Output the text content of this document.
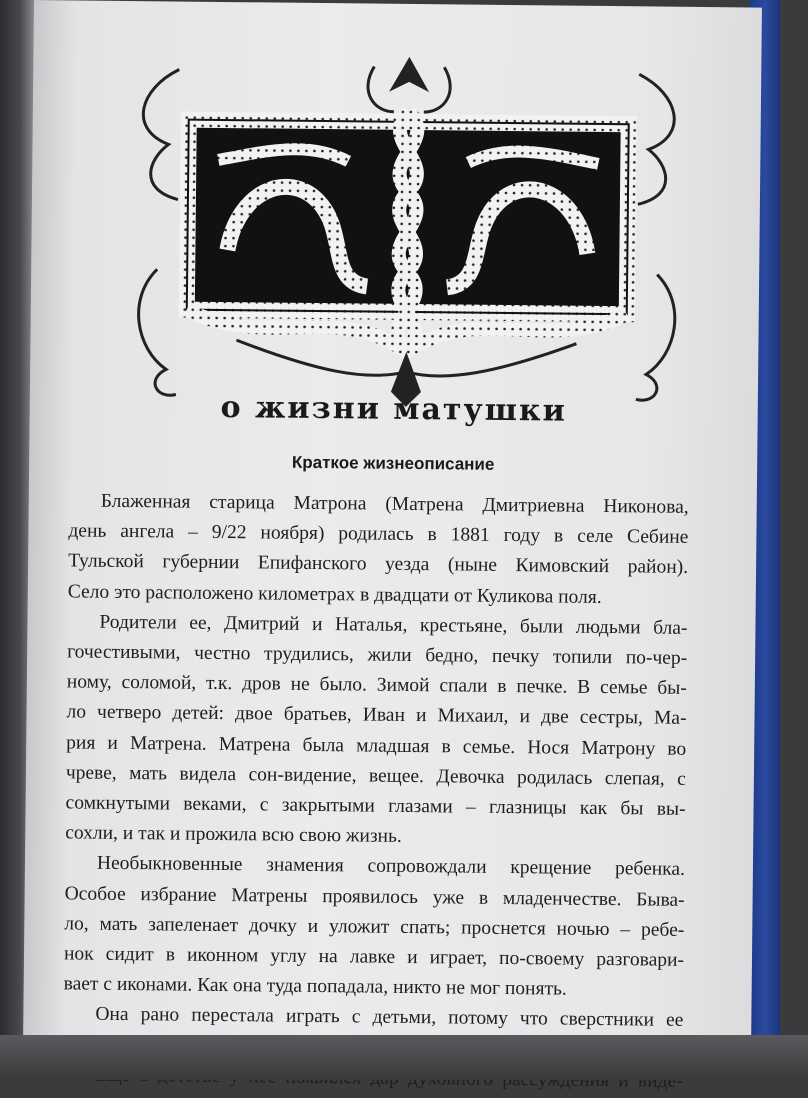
о жизни матушки
Краткое жизнеописание
Блаженная старица Матрона (Матрена Дмитриевна Никонова,
день ангела – 9/22 ноября) родилась в 1881 году в селе Себине
Тульской губернии Епифанского уезда (ныне Кимовский район).
Село это расположено километрах в двадцати от Куликова поля.
Родители ее, Дмитрий и Наталья, крестьяне, были людьми бла-
гочестивыми, честно трудились, жили бедно, печку топили по-чер-
ному, соломой, т.к. дров не было. Зимой спали в печке. В семье бы-
ло четверо детей: двое братьев, Иван и Михаил, и две сестры, Ма-
рия и Матрена. Матрена была младшая в семье. Нося Матрону во
чреве, мать видела сон-видение, вещее. Девочка родилась слепая, с
сомкнутыми веками, с закрытыми глазами – глазницы как бы вы-
сохли, и так и прожила всю свою жизнь.
Необыкновенные знамения сопровождали крещение ребенка.
Особое избрание Матрены проявилось уже в младенчестве. Быва-
ло, мать запеленает дочку и уложит спать; проснется ночью – ребе-
нок сидит в иконном углу на лавке и играет, по-своему разговари-
вает с иконами. Как она туда попадала, никто не мог понять.
Она рано перестала играть с детьми, потому что сверстники ее
